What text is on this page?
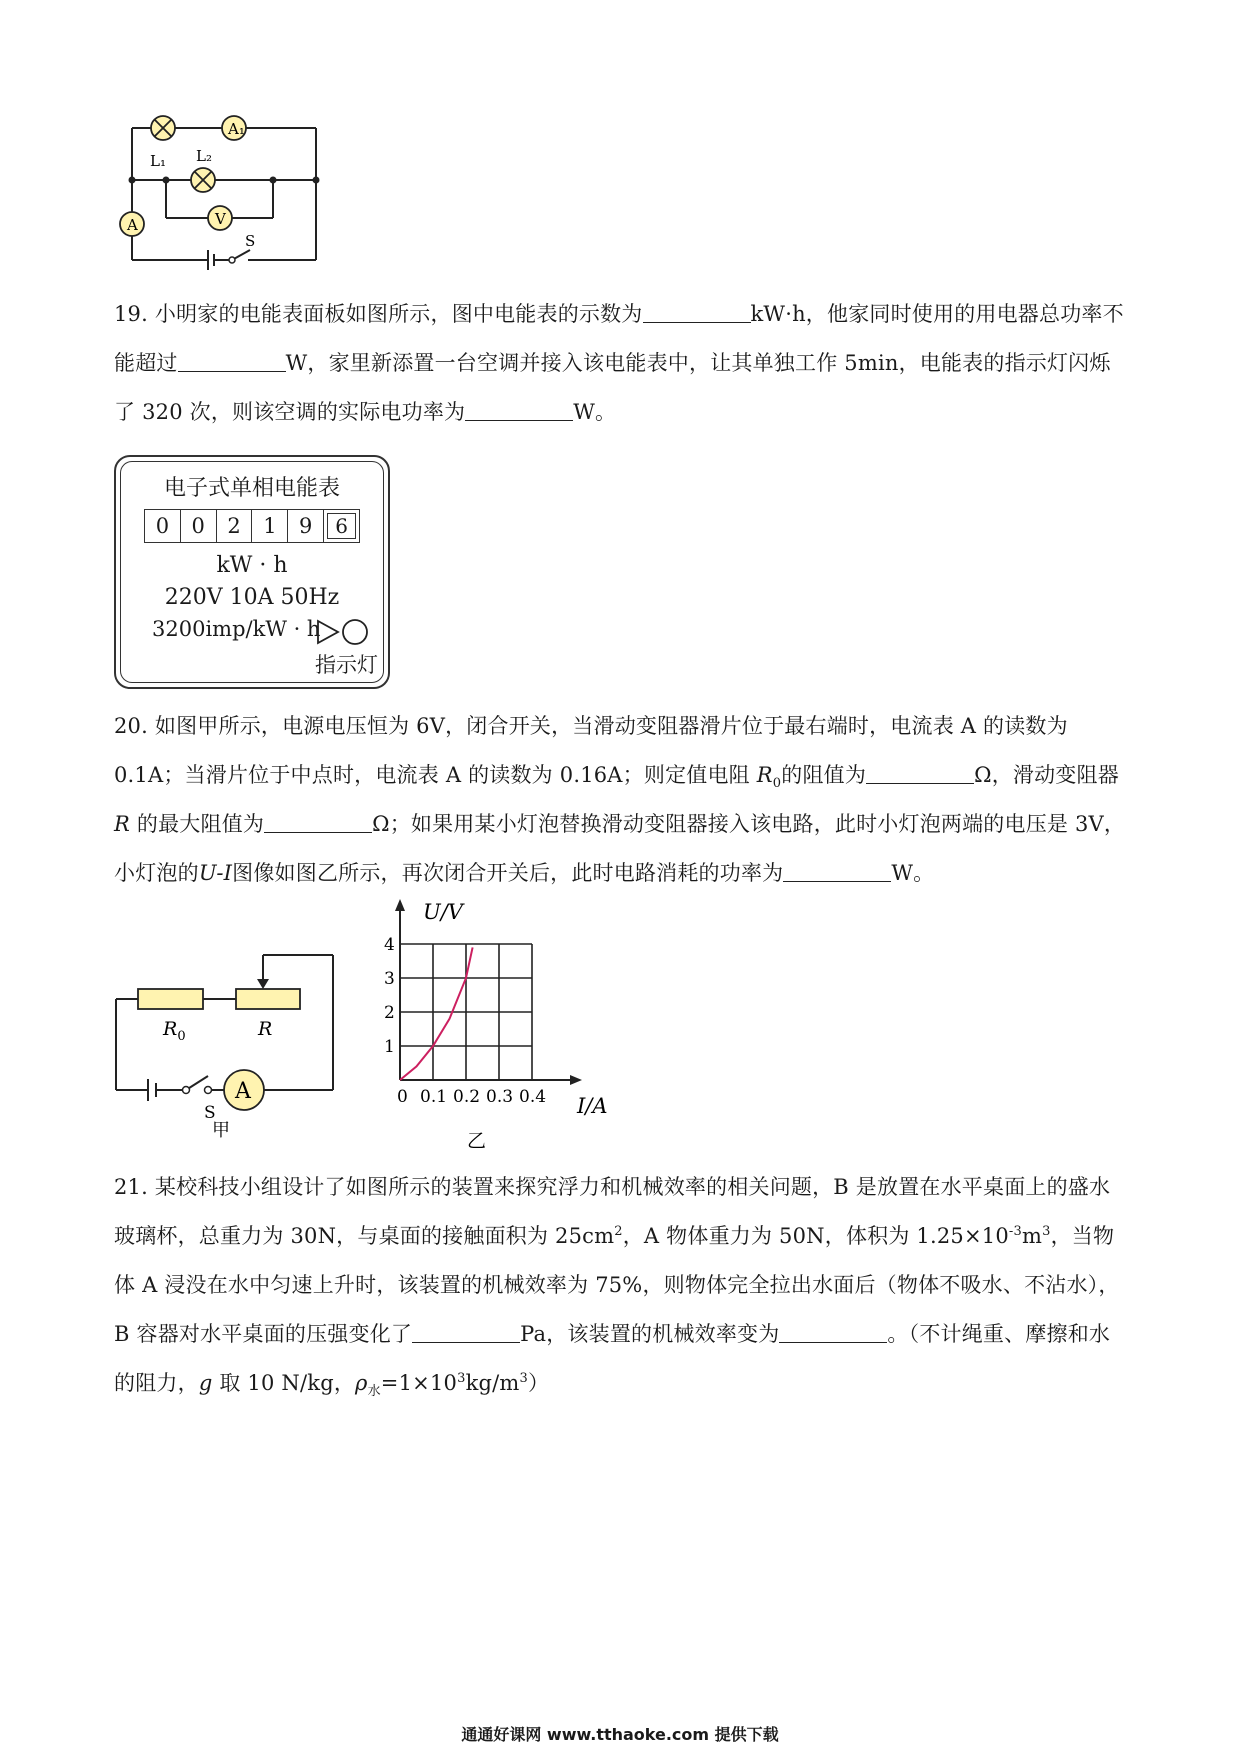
A₁
L₁ L₂
V
A
S
19. 小明家的电能表面板如图所示，图中电能表的示数为	kW·h，他家同时使用的用电器总功率不能超过	W，家里新添置一台空调并接入该电能表中，让其单独工作 5min，电能表的指示灯闪烁了 320 次，则该空调的实际电功率为	W。
电子式单相电能表
0	0	2	1	9	6
kW · h
220V 10A 50Hz
3200imp/kW · h
指示灯
20. 如图甲所示，电源电压恒为 6V，闭合开关，当滑动变阻器滑片位于最右端时，电流表 A 的读数为 0.1A；当滑片位于中点时，电流表 A 的读数为 0.16A；则定值电阻 $R_0$的阻值为	Ω，滑动变阻器 R 的最大阻值为	Ω；如果用某小灯泡替换滑动变阻器接入该电路，此时小灯泡两端的电压是 3V，小灯泡的U-I图像如图乙所示，再次闭合开关后，此时电路消耗的功率为	W。
A
$R_0$	R
S
甲
0 0.1 0.2 0.3 0.4
1
2
3
4
U/V
I/A
乙
21. 某校科技小组设计了如图所示的装置来探究浮力和机械效率的相关问题，B 是放置在水平桌面上的盛水玻璃杯，总重力为 30N，与桌面的接触面积为 $25cm^2$，A 物体重力为 50N，体积为 $1.25\times 10^{-3}m^3$，当物体 A 浸没在水中匀速上升时，该装置的机械效率为 75%，则物体完全拉出水面后（物体不吸水、不沾水），B 容器对水平桌面的压强变化了	Pa，该装置的机械效率变为	。（不计绳重、摩擦和水的阻力，g 取 10 N/kg，$\rho_水=1\times 10^3kg/m^3$）
通通好课网 www.tthaoke.com 提供下载
